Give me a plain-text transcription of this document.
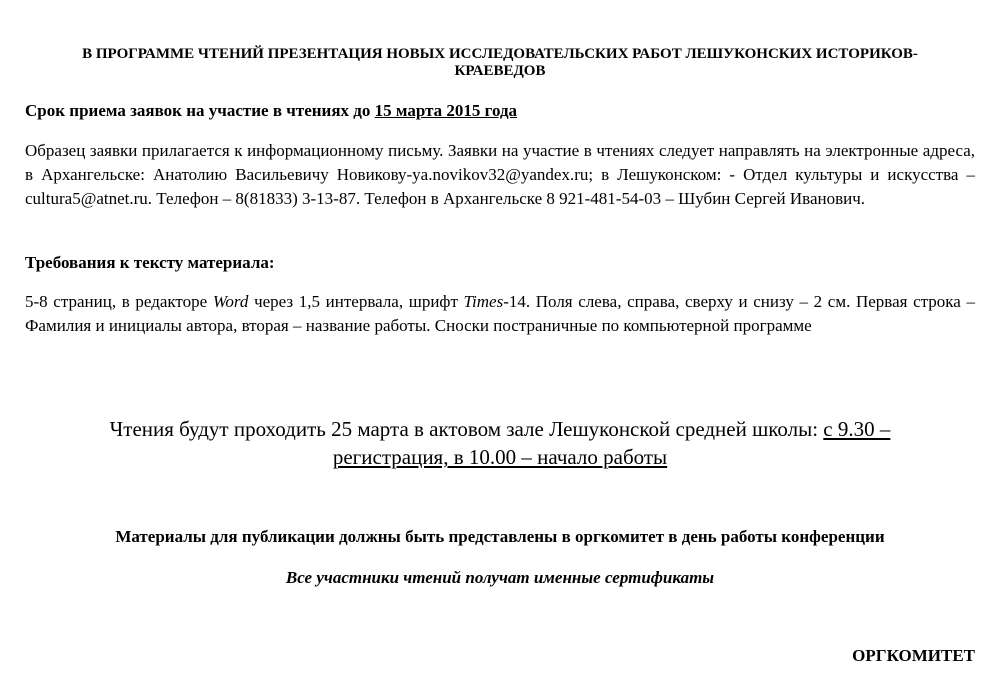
В ПРОГРАММЕ ЧТЕНИЙ ПРЕЗЕНТАЦИЯ НОВЫХ ИССЛЕДОВАТЕЛЬСКИХ РАБОТ ЛЕШУКОНСКИХ ИСТОРИКОВ-
КРАЕВЕДОВ
Срок приема заявок на участие в чтениях до 15 марта 2015 года
Образец заявки прилагается к информационному письму. Заявки на участие в чтениях следует направлять на электронные адреса, в Архангельске: Анатолию Васильевичу Новикову-ya.novikov32@yandex.ru; в Лешуконском: - Отдел культуры и искусства – cultura5@atnet.ru. Телефон – 8(81833) 3-13-87. Телефон в Архангельске 8 921-481-54-03 – Шубин Сергей Иванович.
Требования к тексту материала:
5-8 страниц, в редакторе Word через 1,5 интервала, шрифт Times-14. Поля слева, справа, сверху и снизу – 2 см. Первая строка – Фамилия и инициалы автора, вторая – название работы. Сноски постраничные по компьютерной программе
Чтения будут проходить 25 марта в актовом зале Лешуконской средней школы: с 9.30 –
регистрация, в 10.00 – начало работы
Материалы для публикации должны быть представлены в оргкомитет в день работы конференции
Все участники чтений получат именные сертификаты
ОРГКОМИТЕТ
